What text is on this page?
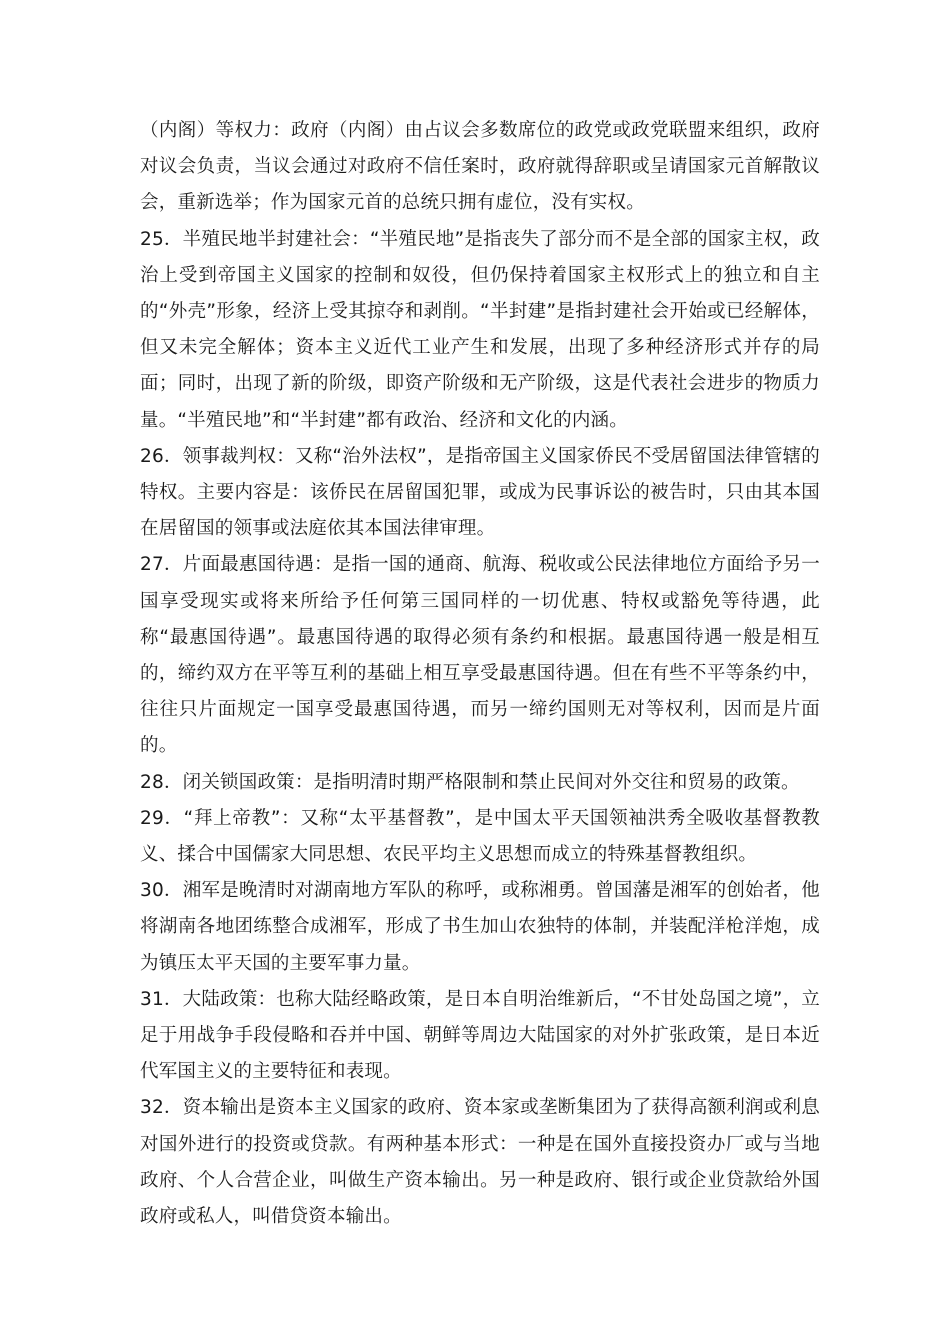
（内阁）等权力：政府（内阁）由占议会多数席位的政党或政党联盟来组织，政府对议会负责，当议会通过对政府不信任案时，政府就得辞职或呈请国家元首解散议会，重新选举；作为国家元首的总统只拥有虚位，没有实权。

25．半殖民地半封建社会：“半殖民地”是指丧失了部分而不是全部的国家主权，政治上受到帝国主义国家的控制和奴役，但仍保持着国家主权形式上的独立和自主的“外壳”形象，经济上受其掠夺和剥削。“半封建”是指封建社会开始或已经解体，但又未完全解体；资本主义近代工业产生和发展，出现了多种经济形式并存的局面；同时，出现了新的阶级，即资产阶级和无产阶级，这是代表社会进步的物质力量。“半殖民地”和“半封建”都有政治、经济和文化的内涵。

26．领事裁判权：又称“治外法权”，是指帝国主义国家侨民不受居留国法律管辖的特权。主要内容是：该侨民在居留国犯罪，或成为民事诉讼的被告时，只由其本国在居留国的领事或法庭依其本国法律审理。

27．片面最惠国待遇：是指一国的通商、航海、税收或公民法律地位方面给予另一国享受现实或将来所给予任何第三国同样的一切优惠、特权或豁免等待遇，此称“最惠国待遇”。最惠国待遇的取得必须有条约和根据。最惠国待遇一般是相互的，缔约双方在平等互利的基础上相互享受最惠国待遇。但在有些不平等条约中，往往只片面规定一国享受最惠国待遇，而另一缔约国则无对等权利，因而是片面的。

28．闭关锁国政策：是指明清时期严格限制和禁止民间对外交往和贸易的政策。

29．“拜上帝教”：又称“太平基督教”，是中国太平天国领袖洪秀全吸收基督教教义、揉合中国儒家大同思想、农民平均主义思想而成立的特殊基督教组织。

30．湘军是晚清时对湖南地方军队的称呼，或称湘勇。曾国藩是湘军的创始者，他将湖南各地团练整合成湘军，形成了书生加山农独特的体制，并装配洋枪洋炮，成为镇压太平天国的主要军事力量。

31．大陆政策：也称大陆经略政策，是日本自明治维新后，“不甘处岛国之境”，立足于用战争手段侵略和吞并中国、朝鲜等周边大陆国家的对外扩张政策，是日本近代军国主义的主要特征和表现。

32．资本输出是资本主义国家的政府、资本家或垄断集团为了获得高额利润或利息对国外进行的投资或贷款。有两种基本形式：一种是在国外直接投资办厂或与当地政府、个人合营企业，叫做生产资本输出。另一种是政府、银行或企业贷款给外国政府或私人，叫借贷资本输出。
